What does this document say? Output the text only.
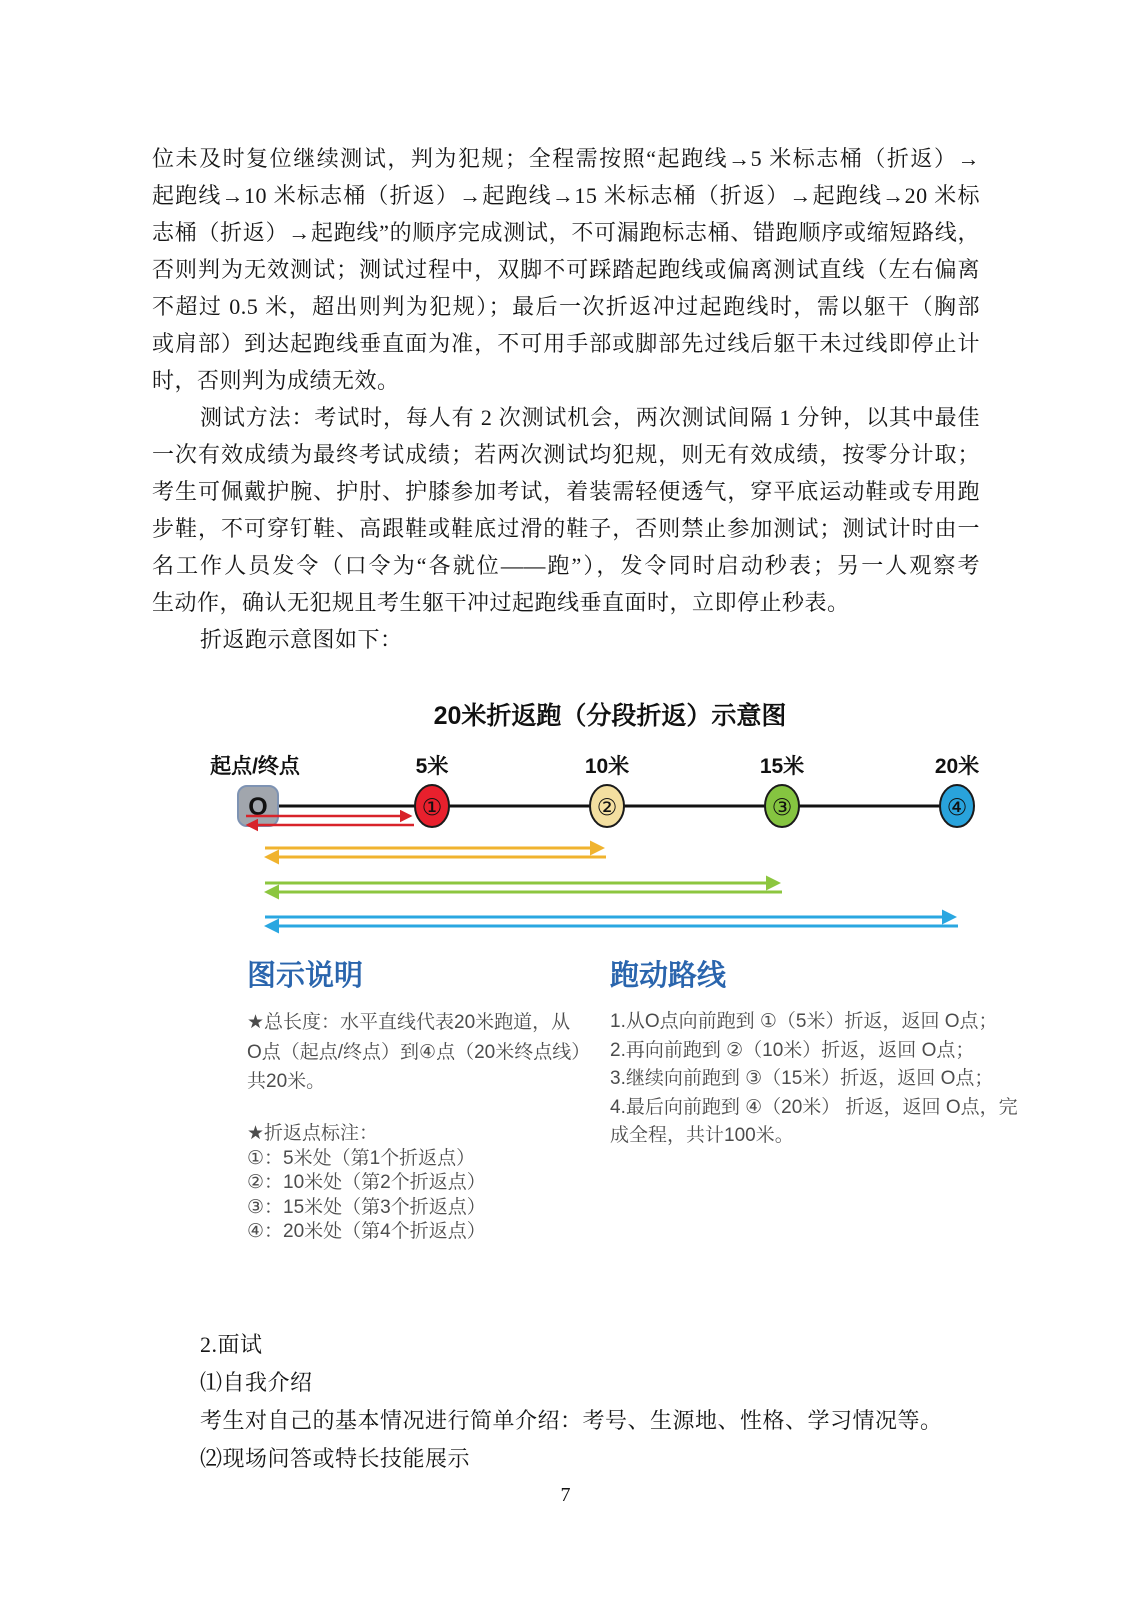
位未及时复位继续测试，判为犯规；全程需按照“起跑线→5 米标志桶（折返）→
起跑线→10 米标志桶（折返）→起跑线→15 米标志桶（折返）→起跑线→20 米标
志桶（折返）→起跑线”的顺序完成测试，不可漏跑标志桶、错跑顺序或缩短路线，
否则判为无效测试；测试过程中，双脚不可踩踏起跑线或偏离测试直线（左右偏离
不超过 0.5 米，超出则判为犯规）；最后一次折返冲过起跑线时，需以躯干（胸部
或肩部）到达起跑线垂直面为准，不可用手部或脚部先过线后躯干未过线即停止计
时，否则判为成绩无效。
测试方法：考试时，每人有 2 次测试机会，两次测试间隔 1 分钟，以其中最佳
一次有效成绩为最终考试成绩；若两次测试均犯规，则无有效成绩，按零分计取；
考生可佩戴护腕、护肘、护膝参加考试，着装需轻便透气，穿平底运动鞋或专用跑
步鞋，不可穿钉鞋、高跟鞋或鞋底过滑的鞋子，否则禁止参加测试；测试计时由一
名工作人员发令（口令为“各就位——跑”），发令同时启动秒表；另一人观察考
生动作，确认无犯规且考生躯干冲过起跑线垂直面时，立即停止秒表。
折返跑示意图如下：
20米折返跑（分段折返）示意图
起点/终点	5米	10米	15米	20米
O	①	②	③	④
图示说明

★总长度：水平直线代表20米跑道，从O点（起点/终点）到④点（20米终点线）共20米。

★折返点标注：
①：5米处（第1个折返点）
②：10米处（第2个折返点）
③：15米处（第3个折返点）
④：20米处（第4个折返点）
跑动路线
1.从O点向前跑到 ①（5米）折返，返回 O点；
2.再向前跑到 ②（10米）折返，返回 O点；
3.继续向前跑到 ③（15米）折返，返回 O点；
4.最后向前跑到 ④（20米） 折返，返回 O点，完成全程，共计100米。
2.面试
⑴自我介绍
考生对自己的基本情况进行简单介绍：考号、生源地、性格、学习情况等。
⑵现场问答或特长技能展示
7
